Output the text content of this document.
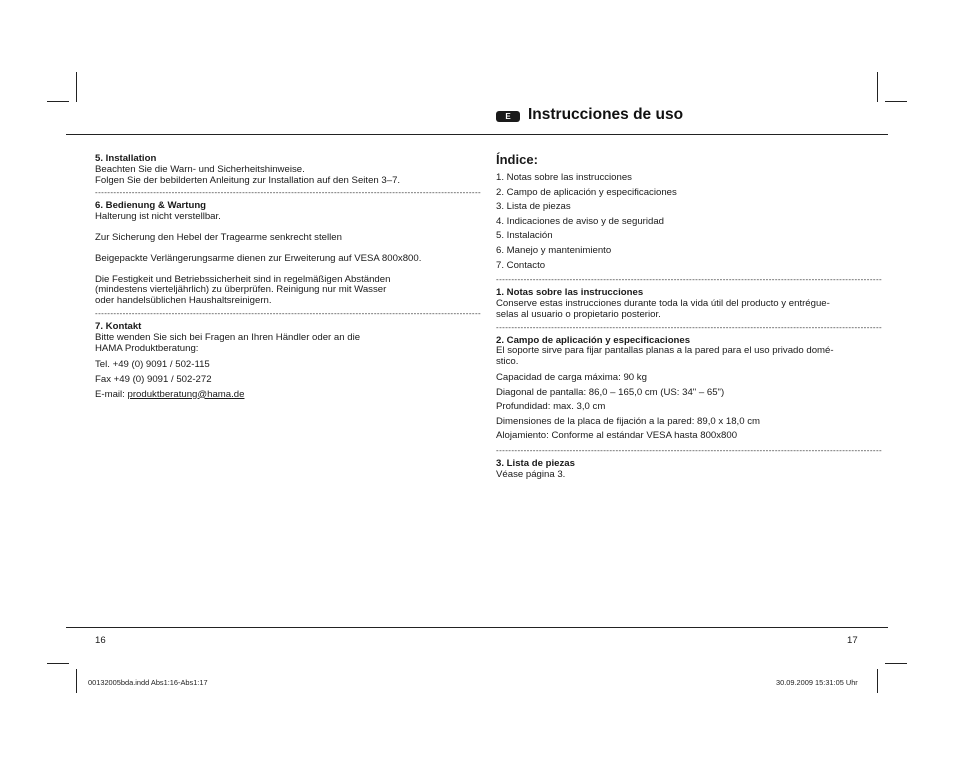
E	Instrucciones de uso
5. Installation
Beachten Sie die Warn- und Sicherheitshinweise.
Folgen Sie der bebilderten Anleitung zur Installation auf den Seiten 3–7.
------------------------------------------------------------------------------------------------------------------------------
6. Bedienung & Wartung
Halterung ist nicht verstellbar.
Zur Sicherung den Hebel der Tragearme senkrecht stellen
Beigepackte Verlängerungsarme dienen zur Erweiterung auf VESA 800x800.
Die Festigkeit und Betriebssicherheit sind in regelmäßigen Abständen
(mindestens vierteljährlich) zu überprüfen. Reinigung nur mit Wasser
oder handelsüblichen Haushaltsreinigern.
------------------------------------------------------------------------------------------------------------------------------
7. Kontakt
Bitte wenden Sie sich bei Fragen an Ihren Händler oder an die
HAMA Produktberatung:
Tel. +49 (0) 9091 / 502-115
Fax +49 (0) 9091 / 502-272
E-mail: produktberatung@hama.de
Índice:
1. Notas sobre las instrucciones
2. Campo de aplicación y especificaciones
3. Lista de piezas
4. Indicaciones de aviso y de seguridad
5. Instalación
6. Manejo y mantenimiento
7. Contacto
------------------------------------------------------------------------------------------------------------------------------
1. Notas sobre las instrucciones
Conserve estas instrucciones durante toda la vida útil del producto y entrégue-
selas al usuario o propietario posterior.
------------------------------------------------------------------------------------------------------------------------------
2. Campo de aplicación y especificaciones
El soporte sirve para fijar pantallas planas a la pared para el uso privado domé-
stico.
Capacidad de carga máxima: 90 kg
Diagonal de pantalla: 86,0 – 165,0 cm (US: 34" – 65")
Profundidad: max. 3,0 cm
Dimensiones de la placa de fijación a la pared: 89,0 x 18,0 cm
Alojamiento: Conforme al estándar VESA hasta 800x800
------------------------------------------------------------------------------------------------------------------------------
3. Lista de piezas
Véase página 3.
16	17
00132005bda.indd Abs1:16-Abs1:17	30.09.2009 15:31:05 Uhr
